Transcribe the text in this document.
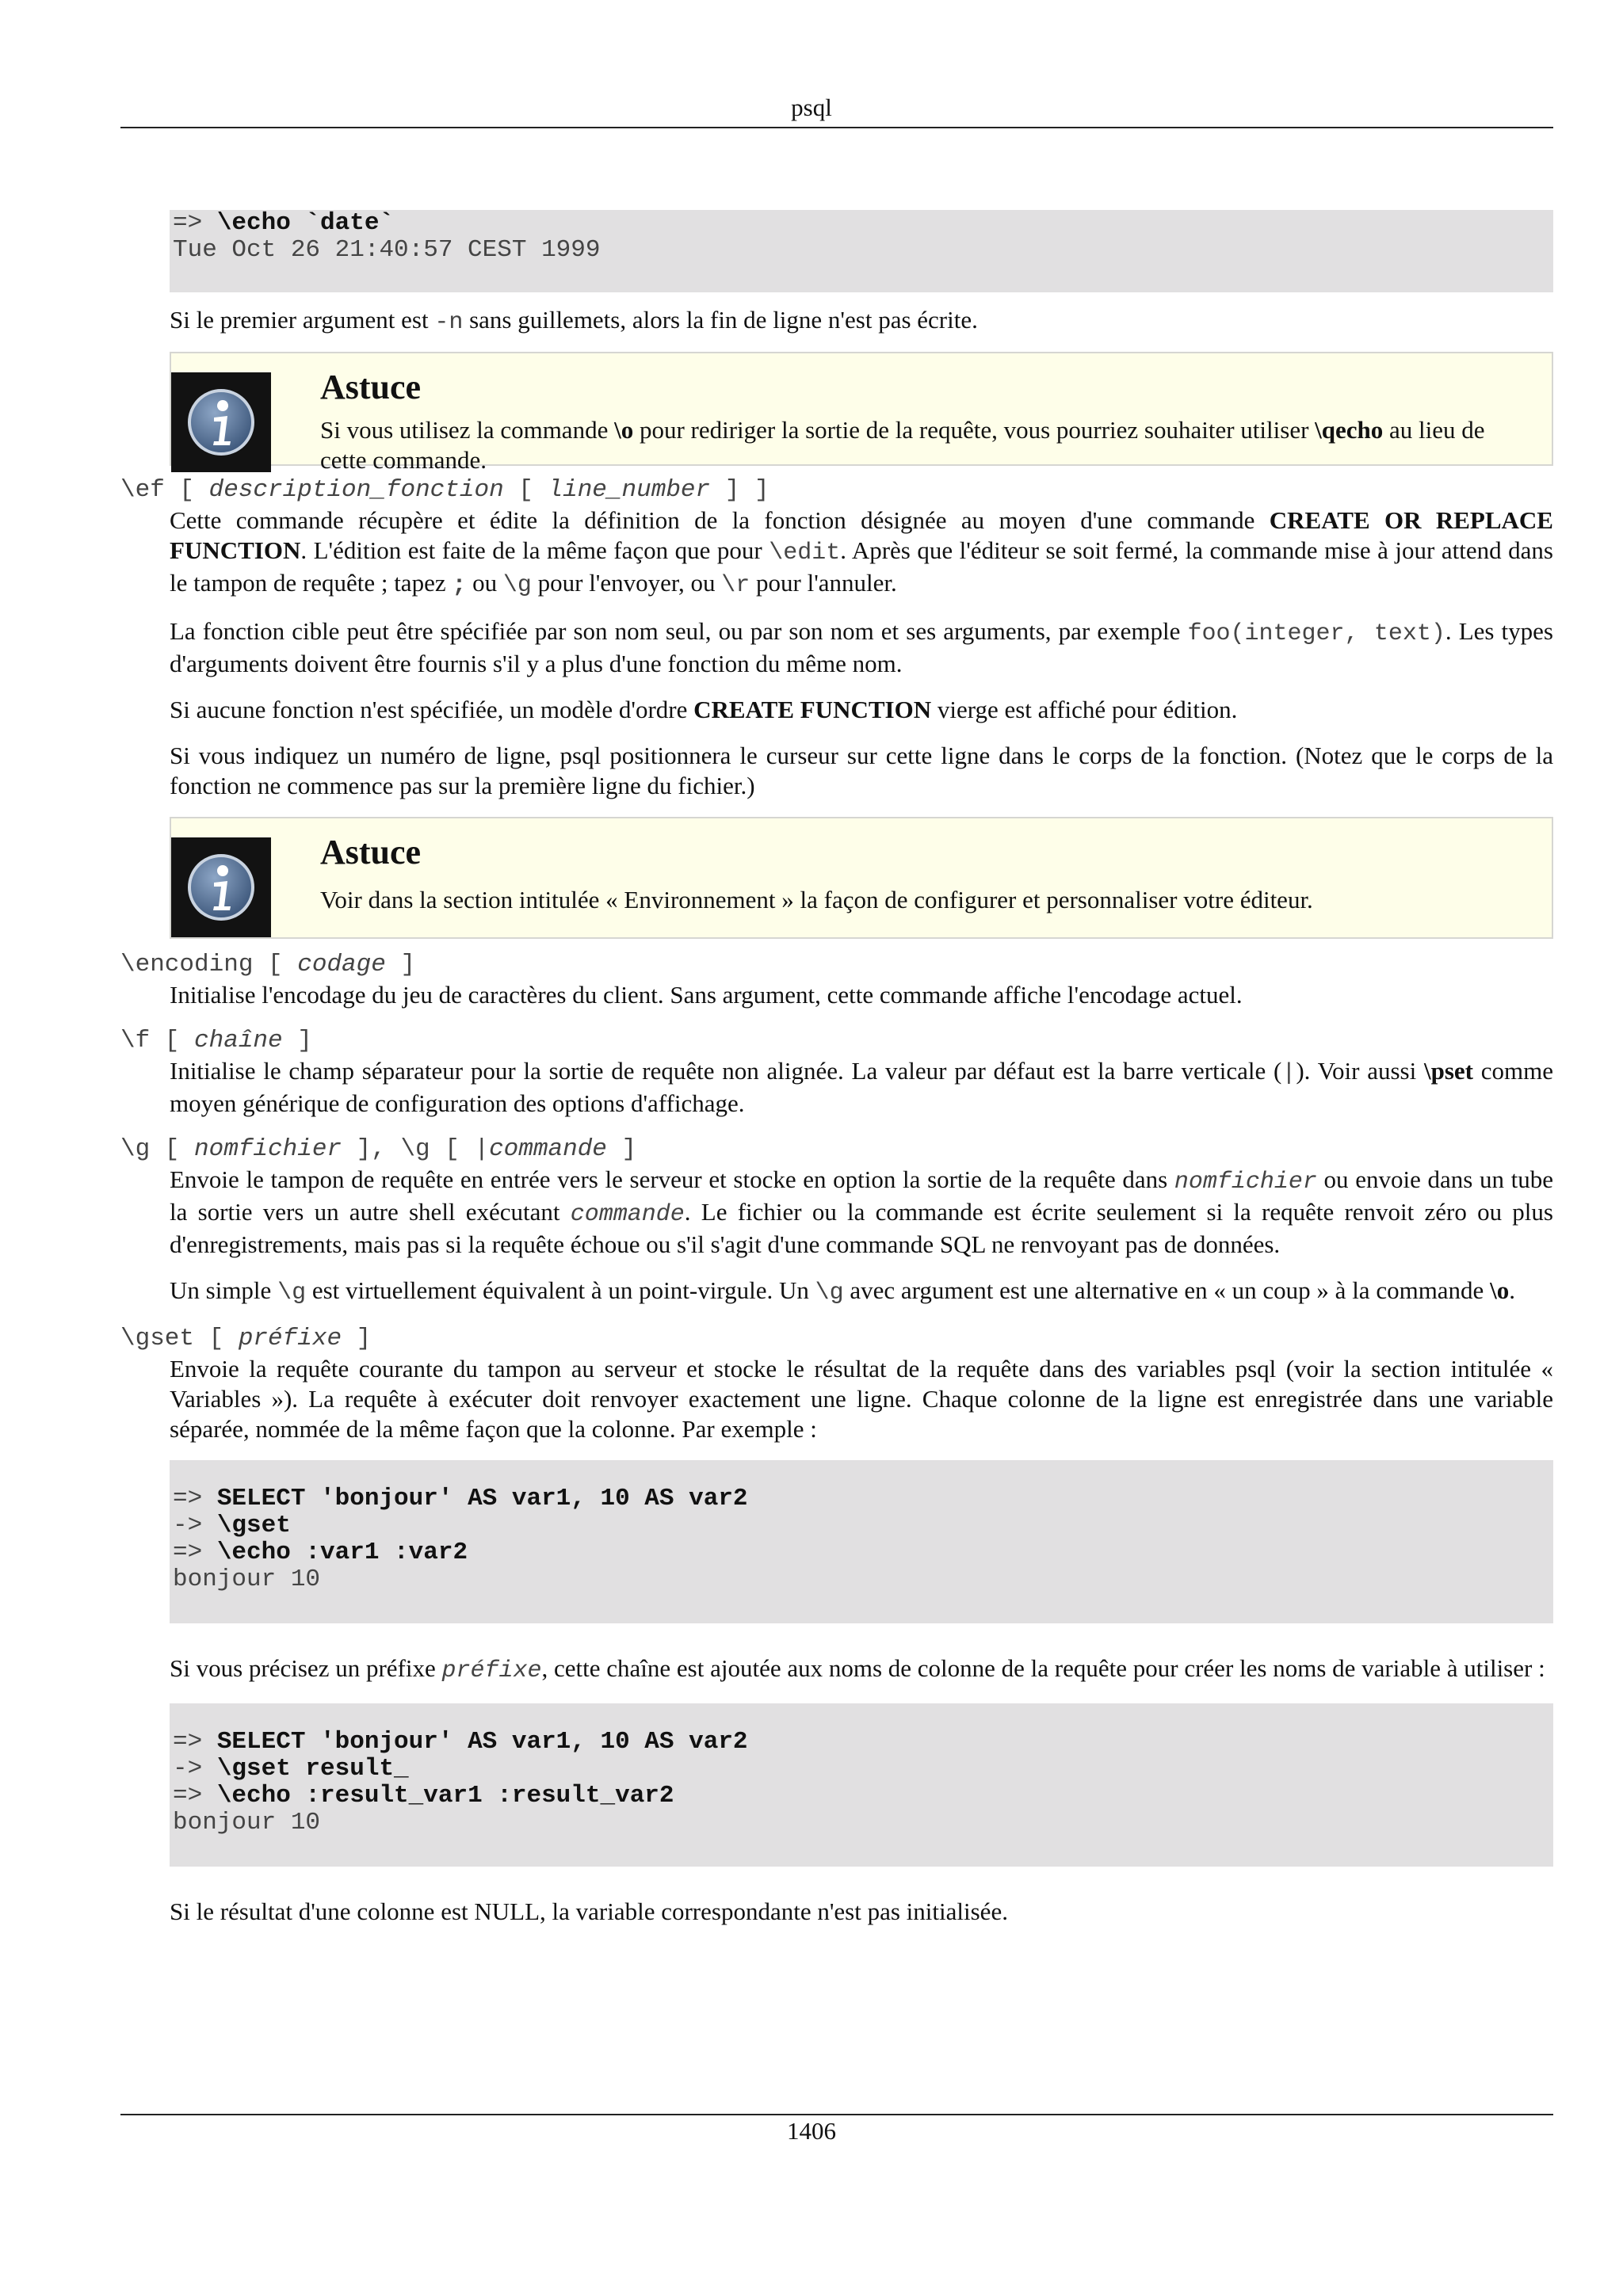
psql
=> \echo `date`
Tue Oct 26 21:40:57 CEST 1999

Si le premier argument est -n sans guillemets, alors la fin de ligne n'est pas écrite.

Astuce

Si vous utilisez la commande \o pour rediriger la sortie de la requête, vous pourriez souhaiter utiliser \qecho au lieu de cette commande.

\ef [ description_fonction [ line_number ] ]

Cette commande récupère et édite la définition de la fonction désignée au moyen d'une commande CREATE OR REPLACE FUNCTION. L'édition est faite de la même façon que pour \edit. Après que l'éditeur se soit fermé, la commande mise à jour attend dans le tampon de requête ; tapez ; ou \g pour l'envoyer, ou \r pour l'annuler.

La fonction cible peut être spécifiée par son nom seul, ou par son nom et ses arguments, par exemple foo(integer, text). Les types d'arguments doivent être fournis s'il y a plus d'une fonction du même nom.

Si aucune fonction n'est spécifiée, un modèle d'ordre CREATE FUNCTION vierge est affiché pour édition.

Si vous indiquez un numéro de ligne, psql positionnera le curseur sur cette ligne dans le corps de la fonction. (Notez que le corps de la fonction ne commence pas sur la première ligne du fichier.)

Astuce

Voir dans la section intitulée « Environnement » la façon de configurer et personnaliser votre éditeur.

\encoding [ codage ]

Initialise l'encodage du jeu de caractères du client. Sans argument, cette commande affiche l'encodage actuel.

\f [ chaîne ]

Initialise le champ séparateur pour la sortie de requête non alignée. La valeur par défaut est la barre verticale (|). Voir aussi \pset comme moyen générique de configuration des options d'affichage.

\g [ nomfichier ], \g [ |commande ]

Envoie le tampon de requête en entrée vers le serveur et stocke en option la sortie de la requête dans nomfichier ou envoie dans un tube la sortie vers un autre shell exécutant commande. Le fichier ou la commande est écrite seulement si la requête renvoit zéro ou plus d'enregistrements, mais pas si la requête échoue ou s'il s'agit d'une commande SQL ne renvoyant pas de données.

Un simple \g est virtuellement équivalent à un point-virgule. Un \g avec argument est une alternative en « un coup » à la commande \o.

\gset [ préfixe ]

Envoie la requête courante du tampon au serveur et stocke le résultat de la requête dans des variables psql (voir la section intitulée « Variables »). La requête à exécuter doit renvoyer exactement une ligne. Chaque colonne de la ligne est enregistrée dans une variable séparée, nommée de la même façon que la colonne. Par exemple :

=> SELECT 'bonjour' AS var1, 10 AS var2
-> \gset
=> \echo :var1 :var2
bonjour 10

Si vous précisez un préfixe préfixe, cette chaîne est ajoutée aux noms de colonne de la requête pour créer les noms de variable à utiliser :

=> SELECT 'bonjour' AS var1, 10 AS var2
-> \gset result_
=> \echo :result_var1 :result_var2
bonjour 10

Si le résultat d'une colonne est NULL, la variable correspondante n'est pas initialisée.

1406
